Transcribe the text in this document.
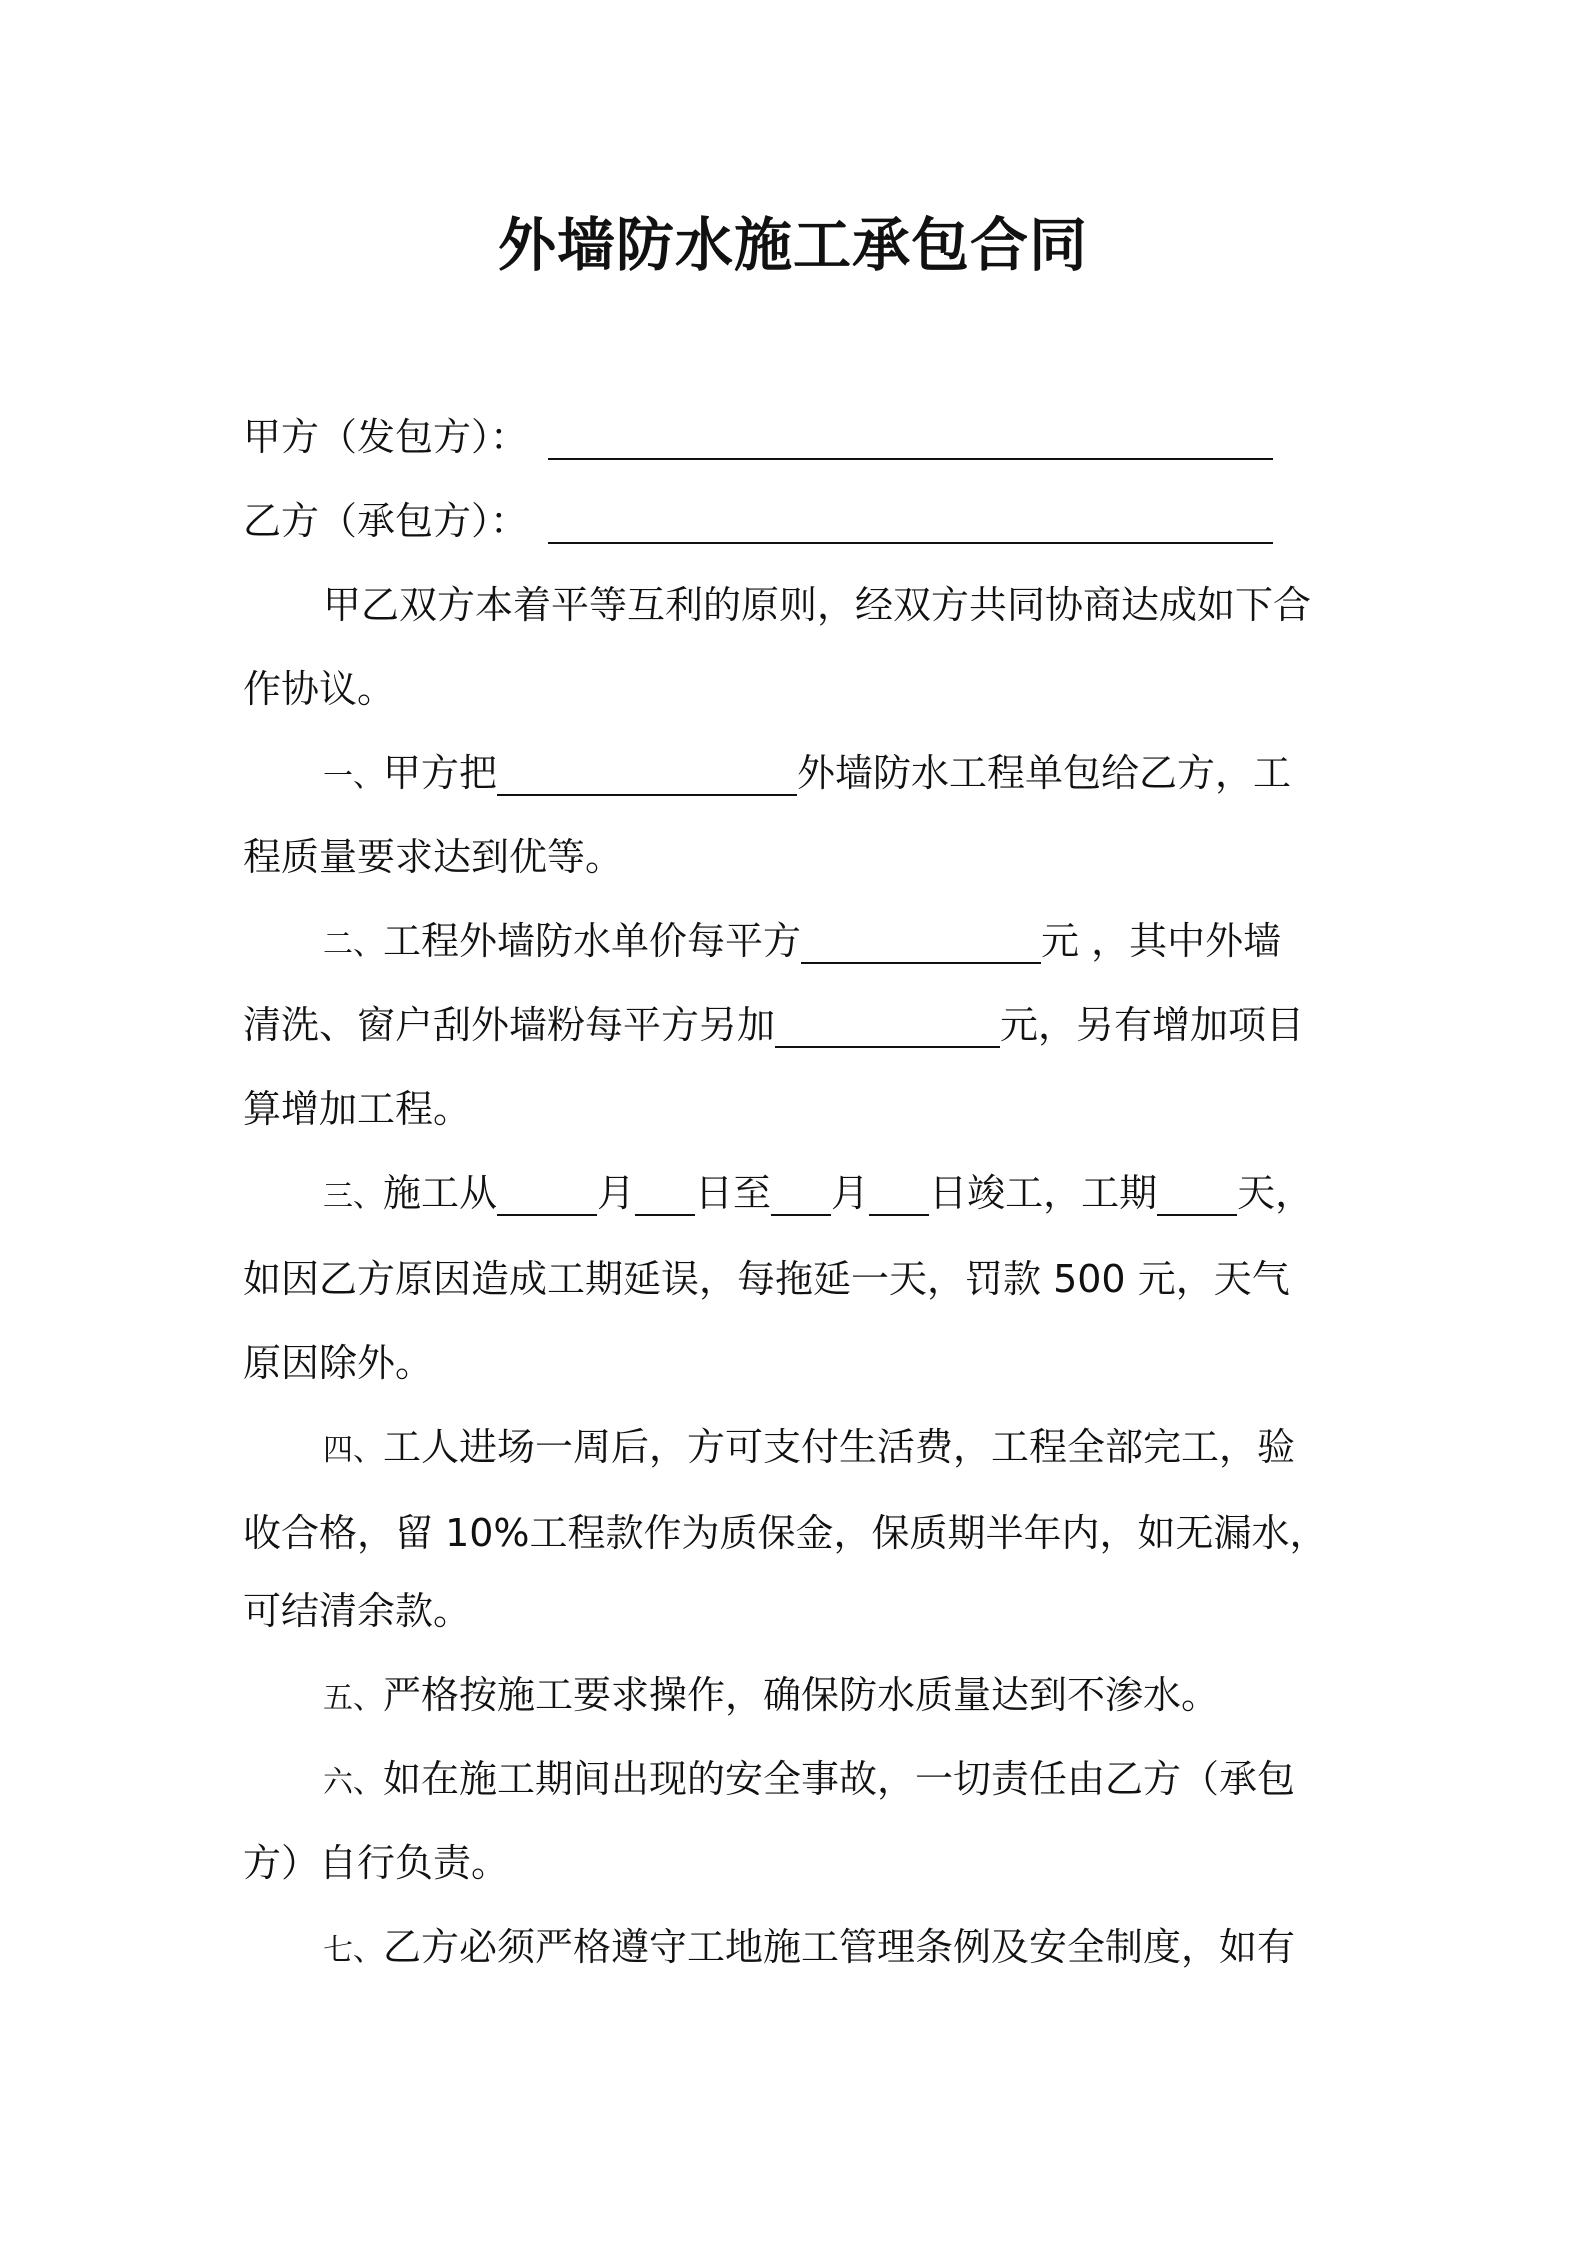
外墙防水施工承包合同
甲方（发包方）：
乙方（承包方）：
甲乙双方本着平等互利的原则，经双方共同协商达成如下合
作协议。
一、甲方把	外墙防水工程单包给乙方，工
程质量要求达到优等。
二、工程外墙防水单价每平方	元 ，其中外墙
清洗、窗户刮外墙粉每平方另加	元，另有增加项目
算增加工程。
三、施工从	月 日至 月 日竣工，工期 天，
如因乙方原因造成工期延误，每拖延一天，罚款 500 元，天气
原因除外。
四、工人进场一周后，方可支付生活费，工程全部完工，验
收合格，留 10%工程款作为质保金，保质期半年内，如无漏水，
可结清余款。
五、严格按施工要求操作，确保防水质量达到不渗水。
六、如在施工期间出现的安全事故，一切责任由乙方（承包
方）自行负责。
七、乙方必须严格遵守工地施工管理条例及安全制度，如有
